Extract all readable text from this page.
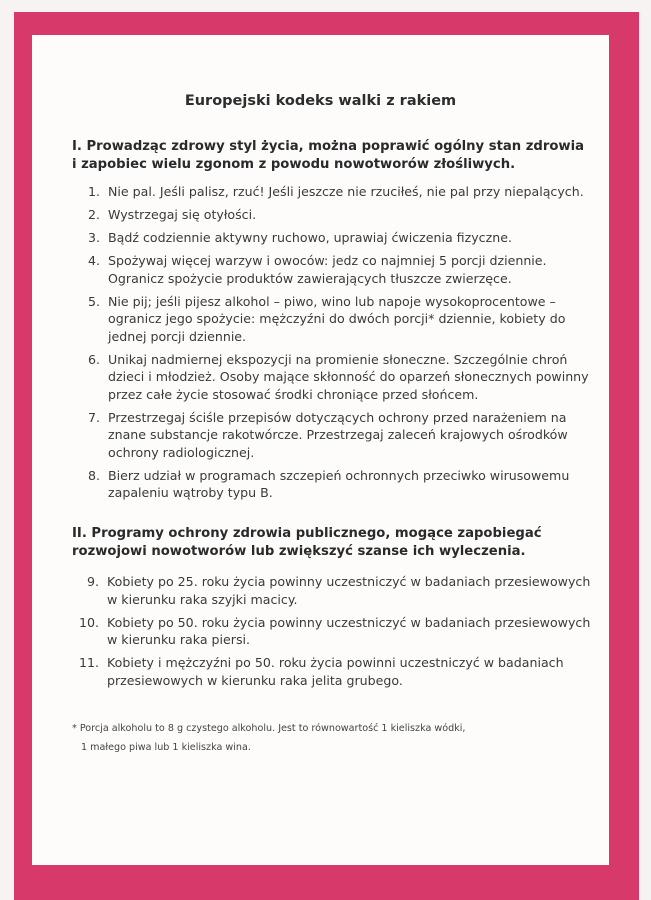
Europejski kodeks walki z rakiem

I. Prowadząc zdrowy styl życia, można poprawić ogólny stan zdrowia i zapobiec wielu zgonom z powodu nowotworów złośliwych.

1. Nie pal. Jeśli palisz, rzuć! Jeśli jeszcze nie rzuciłeś, nie pal przy niepalących.
2. Wystrzegaj się otyłości.
3. Bądź codziennie aktywny ruchowo, uprawiaj ćwiczenia fizyczne.
4. Spożywaj więcej warzyw i owoców: jedz co najmniej 5 porcji dziennie. Ogranicz spożycie produktów zawierających tłuszcze zwierzęce.
5. Nie pij; jeśli pijesz alkohol – piwo, wino lub napoje wysokoprocentowe – ogranicz jego spożycie: mężczyźni do dwóch porcji* dziennie, kobiety do jednej porcji dziennie.
6. Unikaj nadmiernej ekspozycji na promienie słoneczne. Szczególnie chroń dzieci i młodzież. Osoby mające skłonność do oparzeń słonecznych powinny przez całe życie stosować środki chroniące przed słońcem.
7. Przestrzegaj ściśle przepisów dotyczących ochrony przed narażeniem na znane substancje rakotwórcze. Przestrzegaj zaleceń krajowych ośrodków ochrony radiologicznej.
8. Bierz udział w programach szczepień ochronnych przeciwko wirusowemu zapaleniu wątroby typu B.

II. Programy ochrony zdrowia publicznego, mogące zapobiegać rozwojowi nowotworów lub zwiększyć szanse ich wyleczenia.

9. Kobiety po 25. roku życia powinny uczestniczyć w badaniach przesiewowych w kierunku raka szyjki macicy.
10. Kobiety po 50. roku życia powinny uczestniczyć w badaniach przesiewowych w kierunku raka piersi.
11. Kobiety i mężczyźni po 50. roku życia powinni uczestniczyć w badaniach przesiewowych w kierunku raka jelita grubego.

* Porcja alkoholu to 8 g czystego alkoholu. Jest to równowartość 1 kieliszka wódki,
1 małego piwa lub 1 kieliszka wina.
